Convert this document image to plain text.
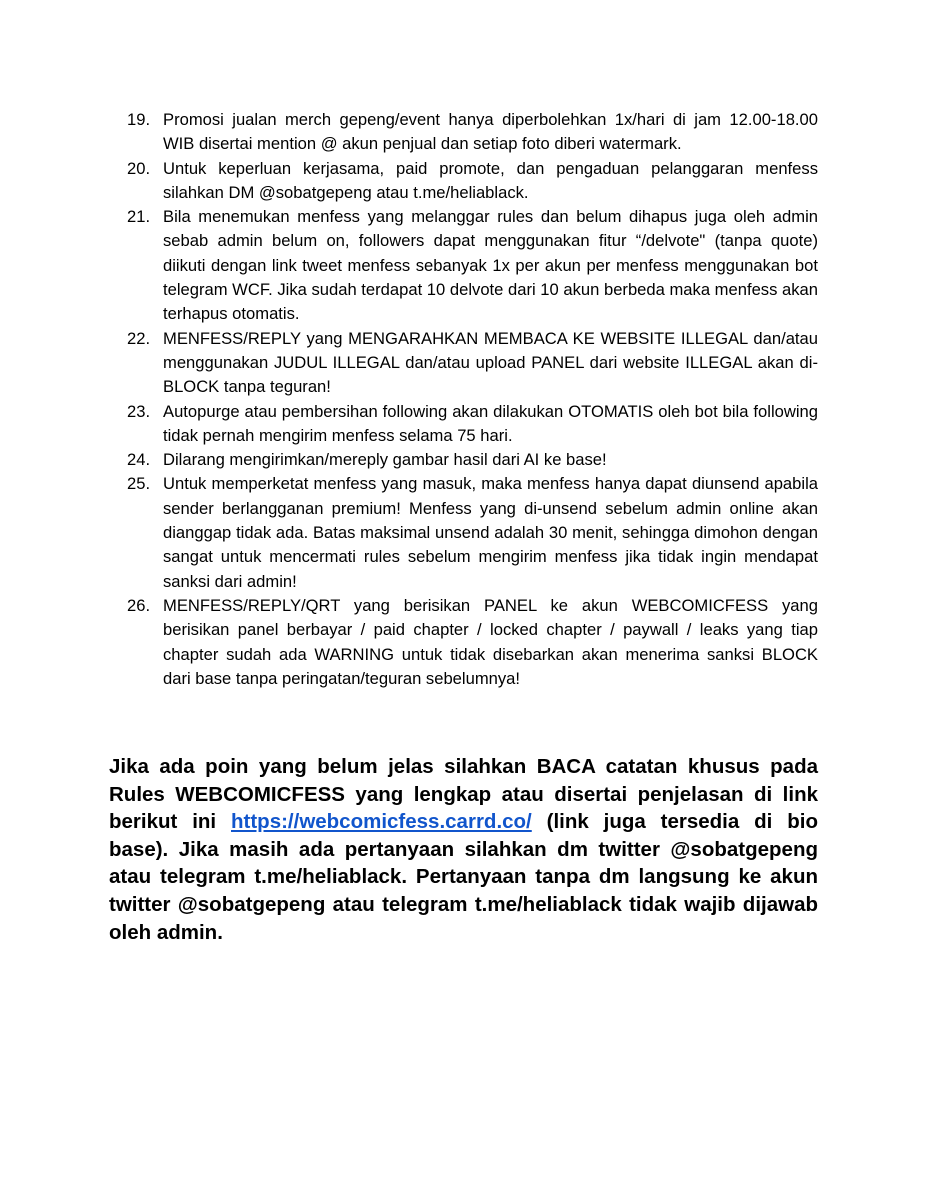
19. Promosi jualan merch gepeng/event hanya diperbolehkan 1x/hari di jam 12.00-18.00 WIB disertai mention @ akun penjual dan setiap foto diberi watermark.
20. Untuk keperluan kerjasama, paid promote, dan pengaduan pelanggaran menfess silahkan DM @sobatgepeng atau t.me/heliablack.
21. Bila menemukan menfess yang melanggar rules dan belum dihapus juga oleh admin sebab admin belum on, followers dapat menggunakan fitur “/delvote" (tanpa quote) diikuti dengan link tweet menfess sebanyak 1x per akun per menfess menggunakan bot telegram WCF. Jika sudah terdapat 10 delvote dari 10 akun berbeda maka menfess akan terhapus otomatis.
22. MENFESS/REPLY yang MENGARAHKAN MEMBACA KE WEBSITE ILLEGAL dan/atau menggunakan JUDUL ILLEGAL dan/atau upload PANEL dari website ILLEGAL akan di-BLOCK tanpa teguran!
23. Autopurge atau pembersihan following akan dilakukan OTOMATIS oleh bot bila following tidak pernah mengirim menfess selama 75 hari.
24. Dilarang mengirimkan/mereply gambar hasil dari AI ke base!
25. Untuk memperketat menfess yang masuk, maka menfess hanya dapat diunsend apabila sender berlangganan premium! Menfess yang di-unsend sebelum admin online akan dianggap tidak ada. Batas maksimal unsend adalah 30 menit, sehingga dimohon dengan sangat untuk mencermati rules sebelum mengirim menfess jika tidak ingin mendapat sanksi dari admin!
26. MENFESS/REPLY/QRT yang berisikan PANEL ke akun WEBCOMICFESS yang berisikan panel berbayar / paid chapter / locked chapter / paywall / leaks yang tiap chapter sudah ada WARNING untuk tidak disebarkan akan menerima sanksi BLOCK dari base tanpa peringatan/teguran sebelumnya!

Jika ada poin yang belum jelas silahkan BACA catatan khusus pada Rules WEBCOMICFESS yang lengkap atau disertai penjelasan di link berikut ini https://webcomicfess.carrd.co/ (link juga tersedia di bio base). Jika masih ada pertanyaan silahkan dm twitter @sobatgepeng atau telegram t.me/heliablack. Pertanyaan tanpa dm langsung ke akun twitter @sobatgepeng atau telegram t.me/heliablack tidak wajib dijawab oleh admin.
